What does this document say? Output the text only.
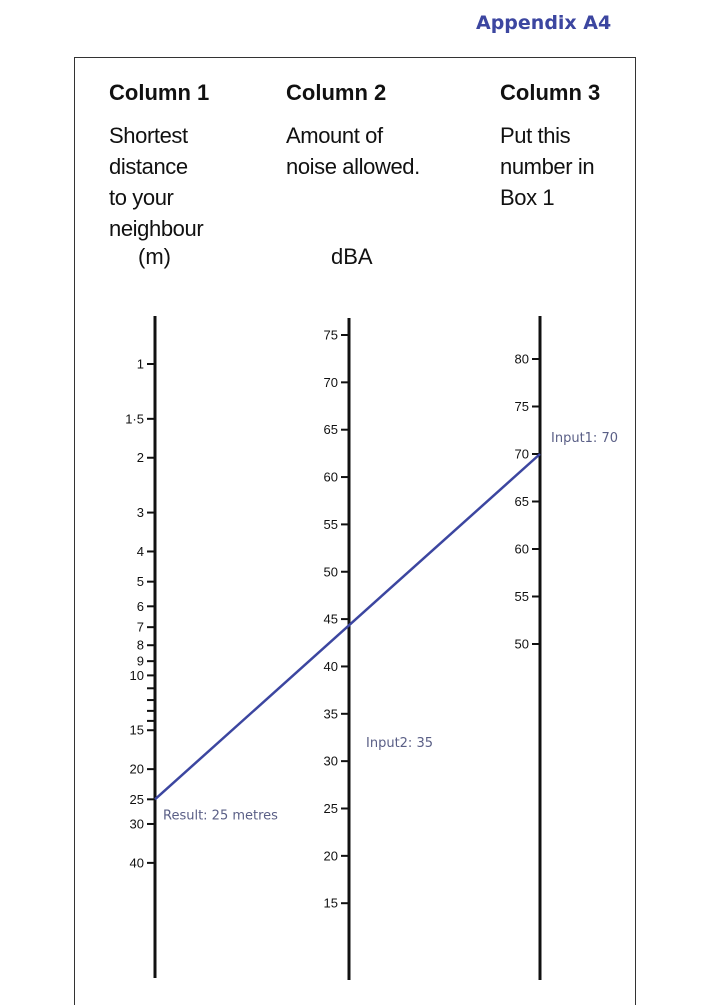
Appendix A4
Column 1	Column 2	Column 3
Shortest
distance
to your
neighbour
Amount of
noise allowed.
Put this
number in
Box 1
(m)	dBA
1
1·5
2
3
4
5
6
7
8
9
10
15
20
25
30
40
75
70
65
60
55
50
45
40
35
30
25
20
15
80
75
70
65
60
55
50
Input1: 70
Input2: 35
Result: 25 metres
